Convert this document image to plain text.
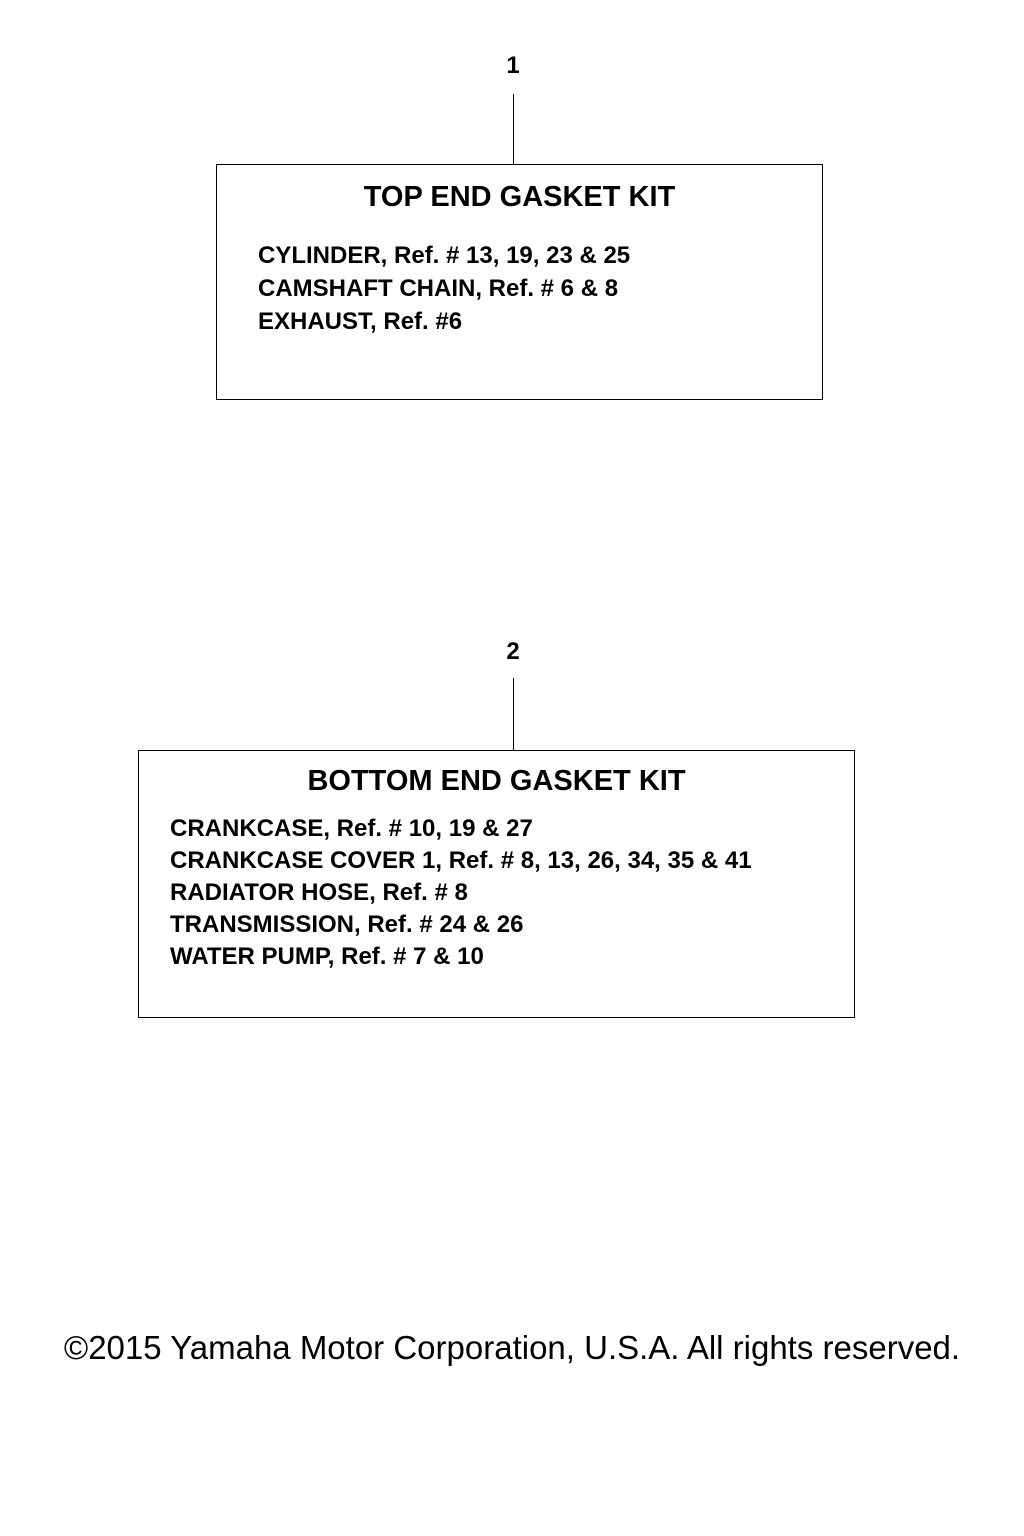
1
TOP END GASKET KIT
CYLINDER, Ref. # 13, 19, 23 & 25
CAMSHAFT CHAIN, Ref. # 6 & 8
EXHAUST, Ref. #6
2
BOTTOM END GASKET KIT
CRANKCASE, Ref. # 10, 19 & 27
CRANKCASE COVER 1, Ref. # 8, 13, 26, 34, 35 & 41
RADIATOR HOSE, Ref. # 8
TRANSMISSION, Ref. # 24 & 26
WATER PUMP, Ref. # 7 & 10
©2015 Yamaha Motor Corporation, U.S.A. All rights reserved.
